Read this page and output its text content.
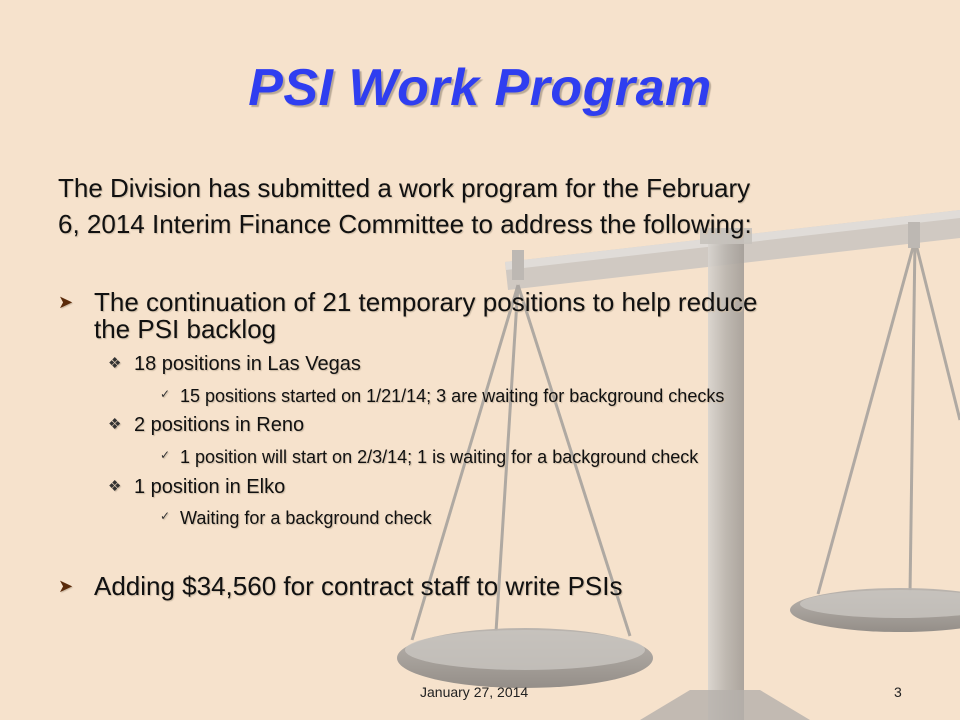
PSI Work Program
The Division has submitted a work program for the February
6, 2014 Interim Finance Committee to address the following:
➤ The continuation of 21 temporary positions to help reduce
the PSI backlog
❖ 18 positions in Las Vegas
✓ 15 positions started on 1/21/14; 3 are waiting for background checks
❖ 2 positions in Reno
✓ 1 position will start on 2/3/14; 1 is waiting for a background check
❖ 1 position in Elko
✓ Waiting for a background check
➤ Adding $34,560 for contract staff to write PSIs
January 27, 2014	3
